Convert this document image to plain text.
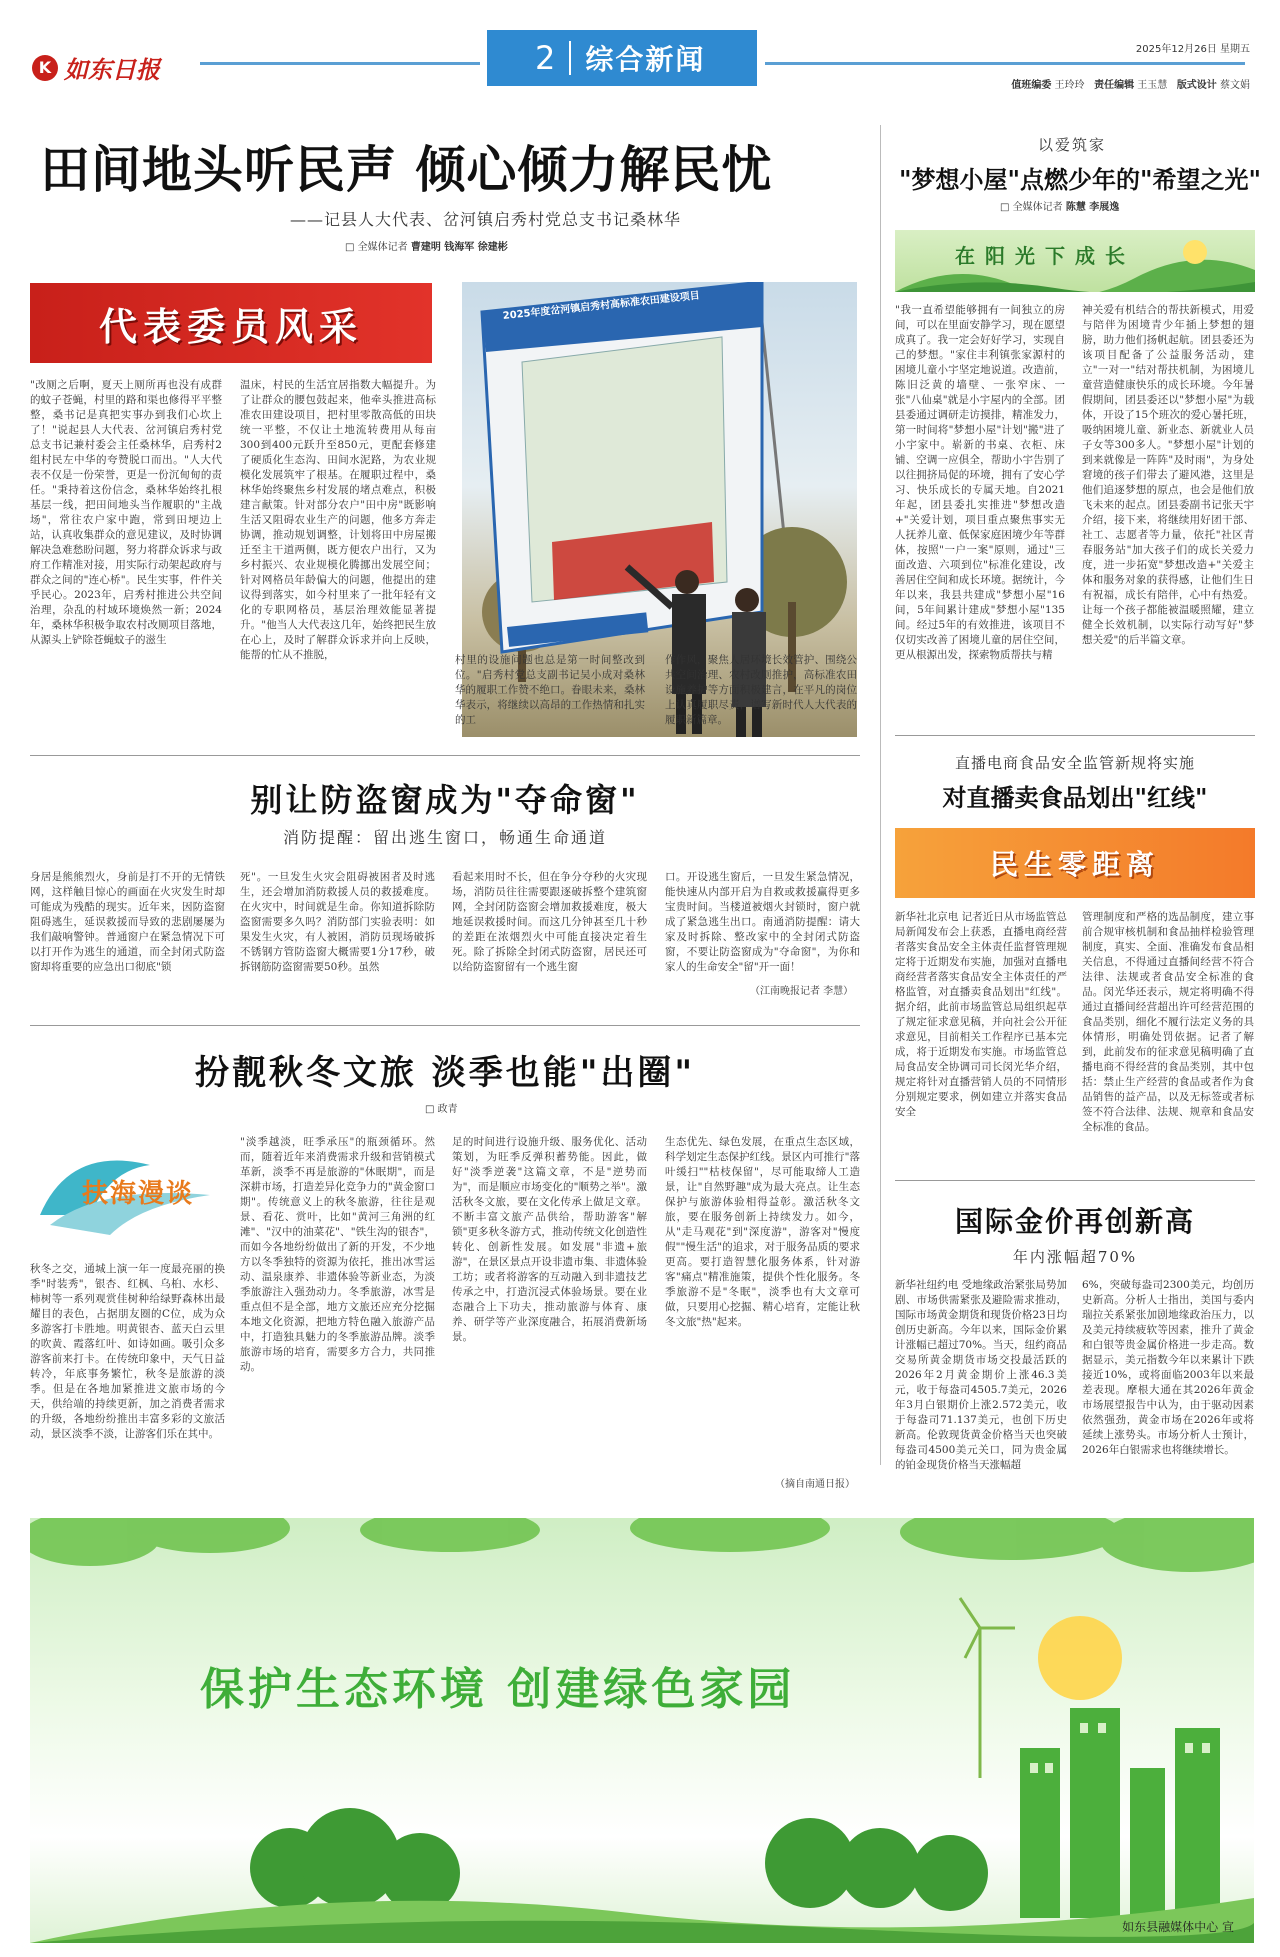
K 如东日报	2 综合新闻	2025年12月26日 星期五
值班编委 王玲玲 责任编辑 王玉慧 版式设计 蔡文娟
田间地头听民声 倾心倾力解民忧
——记县人大代表、岔河镇启秀村党总支书记桑林华
□ 全媒体记者 曹建明 钱海军 徐建彬
代表委员风采	2025年度岔河镇启秀村高标准农田建设项目
"改厕之后啊，夏天上厕所再也没有成群的蚊子苍蝇，村里的路和渠也修得平平整整，桑书记是真把实事办到我们心坎上了！"说起县人大代表、岔河镇启秀村党总支书记兼村委会主任桑林华，启秀村2组村民左中华的夸赞脱口而出。"人大代表不仅是一份荣誉，更是一份沉甸甸的责任。"秉持着这份信念，桑林华始终扎根基层一线，把田间地头当作履职的"主战场"，常往农户家中跑，常到田埂边上站，认真收集群众的意见建议，及时协调解决急难愁盼问题，努力将群众诉求与政府工作精准对接，用实际行动架起政府与群众之间的"连心桥"。民生实事，件件关乎民心。2023年，启秀村推进公共空间治理，杂乱的村域环境焕然一新；2024年，桑林华积极争取农村改厕项目落地，从源头上铲除苍蝇蚊子的滋生
温床，村民的生活宜居指数大幅提升。为了让群众的腰包鼓起来，他牵头推进高标准农田建设项目，把村里零散高低的田块统一平整，不仅让土地流转费用从每亩300到400元跃升至850元，更配套修建了硬质化生态沟、田间水泥路，为农业规模化发展筑牢了根基。在履职过程中，桑林华始终聚焦乡村发展的堵点难点，积极建言献策。针对部分农户"田中房"既影响生活又阻碍农业生产的问题，他多方奔走协调，推动规划调整，计划将田中房屋搬迁至主干道两侧，既方便农户出行，又为乡村振兴、农业规模化腾挪出发展空间；针对网格员年龄偏大的问题，他提出的建议得到落实，如今村里来了一批年轻有文化的专职网格员，基层治理效能显著提升。"他当人大代表这几年，始终把民生放在心上，及时了解群众诉求并向上反映，能帮的忙从不推脱，	村里的设施问题也总是第一时间整改到位。"启秀村党总支副书记吴小成对桑林华的履职工作赞不绝口。眷眼未来，桑林华表示，将继续以高昂的工作热情和扎实的工
作作风，聚焦人居环境长效管护、围绕公共空间治理、农村改厕推护，高标准农田设施养护等方面积极建言，在平凡的岗位上认真履职尽责，谱写新时代人大代表的履职新篇章。
以爱筑家
"梦想小屋"点燃少年的"希望之光"
□ 全媒体记者 陈慧 李展逸
在阳光下成长
"我一直希望能够拥有一间独立的房间，可以在里面安静学习，现在愿望成真了。我一定会好好学习，实现自己的梦想。"家住丰利镇张家源村的困境儿童小宇坚定地说道。改造前，陈旧泛黄的墙壁、一张窄床、一张"八仙桌"就是小宇屋内的全部。团县委通过调研走访摸排，精准发力，第一时间将"梦想小屋"计划"搬"进了小宇家中。崭新的书桌、衣柜、床铺、空调一应俱全，帮助小宇告别了以往拥挤局促的环境，拥有了安心学习、快乐成长的专属天地。自2021年起，团县委扎实推进"梦想改造+"关爱计划，项目重点聚焦事实无人抚养儿童、低保家庭困境少年等群体，按照"一户一案"原则，通过"三面改造、六项到位"标准化建设，改善居住空间和成长环境。据统计，今年以来，我县共建成"梦想小屋"16间，5年间累计建成"梦想小屋"135间。经过5年的有效推进，该项目不仅切实改善了困境儿童的居住空间，更从根源出发，探索物质帮扶与精
神关爱有机结合的帮扶新模式，用爱与陪伴为困境青少年插上梦想的翅膀，助力他们扬帆起航。团县委还为该项目配备了公益服务活动，建立"一对一"结对帮扶机制，为困境儿童营造健康快乐的成长环境。今年暑假期间，团县委还以"梦想小屋"为载体，开设了15个班次的爱心暑托班，吸纳困境儿童、新业态、新就业人员子女等300多人。"梦想小屋"计划的到来就像是一阵阵"及时雨"，为身处窘境的孩子们带去了避风港，这里是他们追逐梦想的原点，也会是他们放飞未来的起点。团县委副书记张天宇介绍，接下来，将继续用好团干部、社工、志愿者等力量，依托"社区青春服务站"加大孩子们的成长关爱力度，进一步拓宽"梦想改造+"关爱主体和服务对象的获得感，让他们生日有祝福，成长有陪伴，心中有热爱。让每一个孩子都能被温暖照耀，建立健全长效机制，以实际行动写好"梦想关爱"的后半篇文章。
别让防盗窗成为"夺命窗"
消防提醒：留出逃生窗口，畅通生命通道
身居是熊熊烈火，身前是打不开的无情铁网，这样触目惊心的画面在火灾发生时却可能成为残酷的现实。近年来，因防盗窗阻碍逃生，延误救援而导致的悲剧屡屡为我们敲响警钟。普通窗户在紧急情况下可以打开作为逃生的通道，而全封闭式防盗窗却将重要的应急出口彻底"锁
死"。一旦发生火灾会阻碍被困者及时逃生，还会增加消防救援人员的救援难度。在火灾中，时间就是生命。你知道拆除防盗窗需要多久吗？消防部门实验表明：如果发生火灾，有人被困，消防员现场破拆不锈钢方管防盗窗大概需要1分17秒，破拆钢筋防盗窗需要50秒。虽然
看起来用时不长，但在争分夺秒的火灾现场，消防员往往需要跟逐破拆整个建筑窗网，全封闭防盗窗会增加救援难度，极大地延误救援时间。而这几分钟甚至几十秒的差距在浓烟烈火中可能直接决定着生死。除了拆除全封闭式防盗窗，居民还可以给防盗窗留有一个逃生窗
口。开设逃生窗后，一旦发生紧急情况，能快速从内部开启为自救或救援赢得更多宝贵时间。当楼道被烟火封锁时，窗户就成了紧急逃生出口。南通消防提醒：请大家及时拆除、整改家中的全封闭式防盗窗，不要让防盗窗成为"夺命窗"，为你和家人的生命安全"留"开一面！
（江南晚报记者 李慧）
直播电商食品安全监管新规将实施
对直播卖食品划出"红线"
民生零距离
新华社北京电 记者近日从市场监管总局新闻发布会上获悉，直播电商经营者落实食品安全主体责任监督管理规定将于近期发布实施，加强对直播电商经营者落实食品安全主体责任的严格监管，对直播卖食品划出"红线"。据介绍，此前市场监管总局组织起草了规定征求意见稿，并向社会公开征求意见，目前相关工作程序已基本完成，将于近期发布实施。市场监管总局食品安全协调司司长闵光华介绍，规定将针对直播营销人员的不同情形分别规定要求，例如建立并落实食品安全
管理制度和严格的选品制度，建立事前合规审核机制和食品抽样检验管理制度，真实、全面、准确发布食品相关信息，不得通过直播间经营不符合法律、法规或者食品安全标准的食品。闵光华还表示，规定将明确不得通过直播间经营超出许可经营范围的食品类别，细化不履行法定义务的具体情形，明确处罚依据。记者了解到，此前发布的征求意见稿明确了直播电商不得经营的食品类别，其中包括：禁止生产经营的食品或者作为食品销售的益产品，以及无标签或者标签不符合法律、法规、规章和食品安全标准的食品。
扮靓秋冬文旅 淡季也能"出圈"
□ 政青
扶海漫谈
秋冬之交，通城上演一年一度最亮丽的换季"时装秀"，银杏、红枫、乌桕、水杉、柿树等一系列观赏佳树种给绿野森林出最耀目的表色，占据朋友圈的C位，成为众多游客打卡胜地。明黄银杏、蓝天白云里的吹黄、霞落红叶、如诗如画。吸引众多游客前来打卡。在传统印象中，天气日益转冷，年底事务繁忙，秋冬是旅游的淡季。但是在各地加紧推进文旅市场的今天，供给端的持续更新，加之消费者需求的升级，各地纷纷推出丰富多彩的文旅活动，景区淡季不淡，让游客们乐在其中。
"淡季越淡，旺季承压"的瓶颈循环。然而，随着近年来消费需求升级和营销模式革新，淡季不再是旅游的"休眠期"，而是深耕市场，打造差异化竞争力的"黄金窗口期"。传统意义上的秋冬旅游，往往是观景、看花、赏叶，比如"黄河三角洲的红滩"、"汉中的油菜花"、"铁生沟的银杏"，而如今各地纷纷做出了新的开发，不少地方以冬季独特的资源为依托，推出冰雪运动、温泉康养、非遗体验等新业态，为淡季旅游注入强劲动力。冬季旅游，冰雪是重点但不是全部，地方文旅还应充分挖掘本地文化资源，把地方特色融入旅游产品中，打造独具魅力的冬季旅游品牌。淡季旅游市场的培育，需要多方合力，共同推动。
足的时间进行设施升级、服务优化、活动策划，为旺季反弹积蓄势能。因此，做好"淡季逆袭"这篇文章，不是"逆势而为"，而是顺应市场变化的"顺势之举"。激活秋冬文旅，要在文化传承上做足文章。不断丰富文旅产品供给，帮助游客"解锁"更多秋冬游方式，推动传统文化创造性转化、创新性发展。如发展"非遗+旅游"，在景区景点开设非遗市集、非遗体验工坊；或者将游客的互动融入到非遗技艺传承之中，打造沉浸式体验场景。要在业态融合上下功夫，推动旅游与体育、康养、研学等产业深度融合，拓展消费新场景。
生态优先、绿色发展，在重点生态区域，科学划定生态保护红线。景区内可推行"落叶缓扫""枯枝保留"，尽可能取缔人工造景，让"自然野趣"成为最大亮点。让生态保护与旅游体验相得益彰。激活秋冬文旅，要在服务创新上持续发力。如今，从"走马观花"到"深度游"，游客对"慢度假""慢生活"的追求，对于服务品质的要求更高。要打造智慧化服务体系，针对游客"痛点"精准施策，提供个性化服务。冬季旅游不是"冬眠"，淡季也有大文章可做，只要用心挖掘、精心培育，定能让秋冬文旅"热"起来。
（摘自南通日报）
国际金价再创新高
年内涨幅超70%
新华社纽约电 受地缘政治紧张局势加剧、市场供需紧张及避险需求推动，国际市场黄金期货和现货价格23日均创历史新高。今年以来，国际金价累计涨幅已超过70%。当天，纽约商品交易所黄金期货市场交投最活跃的2026年2月黄金期价上涨46.3美元，收于每盎司4505.7美元，2026年3月白银期价上涨2.572美元，收于每盎司71.137美元，也创下历史新高。伦敦现货黄金价格当天也突破每盎司4500美元关口，同为贵金属的铂金现货价格当天涨幅超
6%，突破每盎司2300美元，均创历史新高。分析人士指出，美国与委内瑞拉关系紧张加剧地缘政治压力，以及美元持续疲软等因素，推升了黄金和白银等贵金属价格进一步走高。数据显示，美元指数今年以来累计下跌接近10%，或将面临2003年以来最差表现。摩根大通在其2026年黄金市场展望报告中认为，由于驱动因素依然强劲，黄金市场在2026年或将延续上涨势头。市场分析人士预计，2026年白银需求也将继续增长。
保护生态环境 创建绿色家园
如东县融媒体中心 宣
